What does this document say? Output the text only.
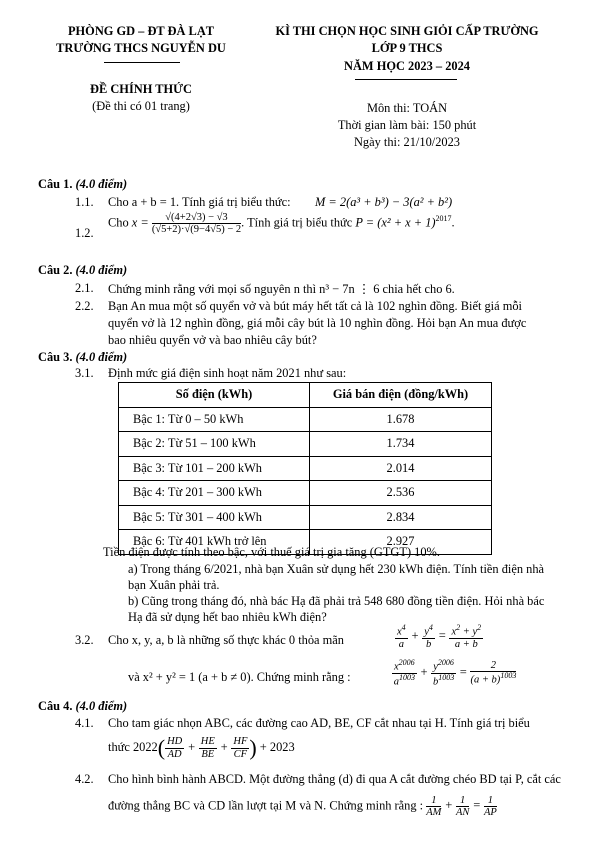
PHÒNG GD – ĐT ĐÀ LẠT
TRƯỜNG THCS NGUYỄN DU
KÌ THI CHỌN HỌC SINH GIỎI CẤP TRƯỜNG
LỚP 9 THCS
NĂM HỌC 2023 – 2024
ĐỀ CHÍNH THỨC
(Đề thi có 01 trang)	Môn thi: TOÁN
Thời gian làm bài: 150 phút
Ngày thi: 21/10/2023
Câu 1. (4.0 điểm)
1.1. Cho a + b = 1. Tính giá trị biểu thức: M = 2(a³ + b³) − 3(a² + b²)
1.2.
Cho $x = \frac{√(4+2√3) - √3}{(√5+2)\cdot√(9-4√5) - 2}$ . Tính giá trị biểu thức $P = (x^2 + x + 1)^{2017}$.
Câu 2. (4.0 điểm)
2.1. Chứng minh rằng với mọi số nguyên n thì n³ − 7n ⋮ 6 chia hết cho 6.
2.2. Bạn An mua một số quyển vở và bút máy hết tất cả là 102 nghìn đồng. Biết giá mỗi
quyển vở là 12 nghìn đồng, giá mỗi cây bút là 10 nghìn đồng. Hỏi bạn An mua được
bao nhiêu quyển vở và bao nhiêu cây bút?
Câu 3. (4.0 điểm)
3.1. Định mức giá điện sinh hoạt năm 2021 như sau:
Số điện (kWh)	Giá bán điện (đồng/kWh)
Bậc 1: Từ 0 – 50 kWh	1.678
Bậc 2: Từ 51 – 100 kWh	1.734
Bậc 3: Từ 101 – 200 kWh	2.014
Bậc 4: Từ 201 – 300 kWh	2.536
Bậc 5: Từ 301 – 400 kWh	2.834
Bậc 6: Từ 401 kWh trở lên	2.927
Tiền điện được tính theo bậc, với thuế giá trị gia tăng (GTGT) 10%.
a) Trong tháng 6/2021, nhà bạn Xuân sử dụng hết 230 kWh điện. Tính tiền điện nhà
bạn Xuân phải trả.
b) Cũng trong tháng đó, nhà bác Hạ đã phải trả 548 680 đồng tiền điện. Hỏi nhà bác
Hạ đã sử dụng hết bao nhiêu kWh điện?
3.2. Cho x, y, a, b là những số thực khác 0 thỏa mãn	$\frac{x^4}{a} + \frac{y^4}{b} = \frac{x^2 + y^2}{a + b}$
và x² + y² = 1 (a + b ≠ 0). Chứng minh rằng :	$\frac{x^{2006}}{a^{1003}} + \frac{y^{2006}}{b^{1003}} = \frac{2}{(a + b)^{1003}}$
Câu 4. (4.0 điểm)
4.1. Cho tam giác nhọn ABC, các đường cao AD, BE, CF cắt nhau tại H. Tính giá trị biểu
thức $2022( \frac{HD}{AD} + \frac{HE}{BE} + \frac{HF}{CF}$ ) + 2023
4.2. Cho hình bình hành ABCD. Một đường thẳng (d) đi qua A cắt đường chéo BD tại P, cắt các
đường thẳng BC và CD lần lượt tại M và N. Chứng minh rằng : $\frac{1}{AM} + \frac{1}{AN} = \frac{1}{AP}$
